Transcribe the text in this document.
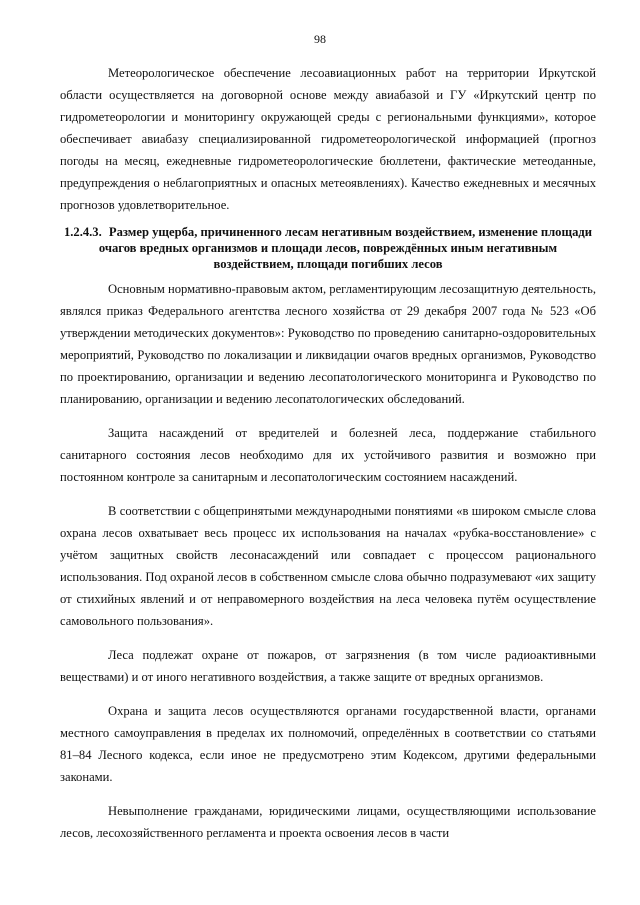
98

Метеорологическое обеспечение лесоавиационных работ на территории Иркутской области осуществляется на договорной основе между авиабазой и ГУ «Иркутский центр по гидрометеорологии и мониторингу окружающей среды с региональными функциями», которое обеспечивает авиабазу специализированной гидрометеорологической информацией (прогноз погоды на месяц, ежедневные гидрометеорологические бюллетени, фактические метеоданные, предупреждения о неблагоприятных и опасных метеоявлениях). Качество ежедневных и месячных прогнозов удовлетворительное.

1.2.4.3. Размер ущерба, причиненного лесам негативным воздействием, изменение площади очагов вредных организмов и площади лесов, повреждённых иным негативным воздействием, площади погибших лесов

Основным нормативно-правовым актом, регламентирующим лесозащитную деятельность, являлся приказ Федерального агентства лесного хозяйства от 29 декабря 2007 года № 523 «Об утверждении методических документов»: Руководство по проведению санитарно-оздоровительных мероприятий, Руководство по локализации и ликвидации очагов вредных организмов, Руководство по проектированию, организации и ведению лесопатологического мониторинга и Руководство по планированию, организации и ведению лесопатологических обследований.

Защита насаждений от вредителей и болезней леса, поддержание стабильного санитарного состояния лесов необходимо для их устойчивого развития и возможно при постоянном контроле за санитарным и лесопатологическим состоянием насаждений.

В соответствии с общепринятыми международными понятиями «в широком смысле слова охрана лесов охватывает весь процесс их использования на началах «рубка-восстановление» с учётом защитных свойств лесонасаждений или совпадает с процессом рационального использования. Под охраной лесов в собственном смысле слова обычно подразумевают «их защиту от стихийных явлений и от неправомерного воздействия на леса человека путём осуществление самовольного пользования».

Леса подлежат охране от пожаров, от загрязнения (в том числе радиоактивными веществами) и от иного негативного воздействия, а также защите от вредных организмов.

Охрана и защита лесов осуществляются органами государственной власти, органами местного самоуправления в пределах их полномочий, определённых в соответствии со статьями 81–84 Лесного кодекса, если иное не предусмотрено этим Кодексом, другими федеральными законами.

Невыполнение гражданами, юридическими лицами, осуществляющими использование лесов, лесохозяйственного регламента и проекта освоения лесов в части
